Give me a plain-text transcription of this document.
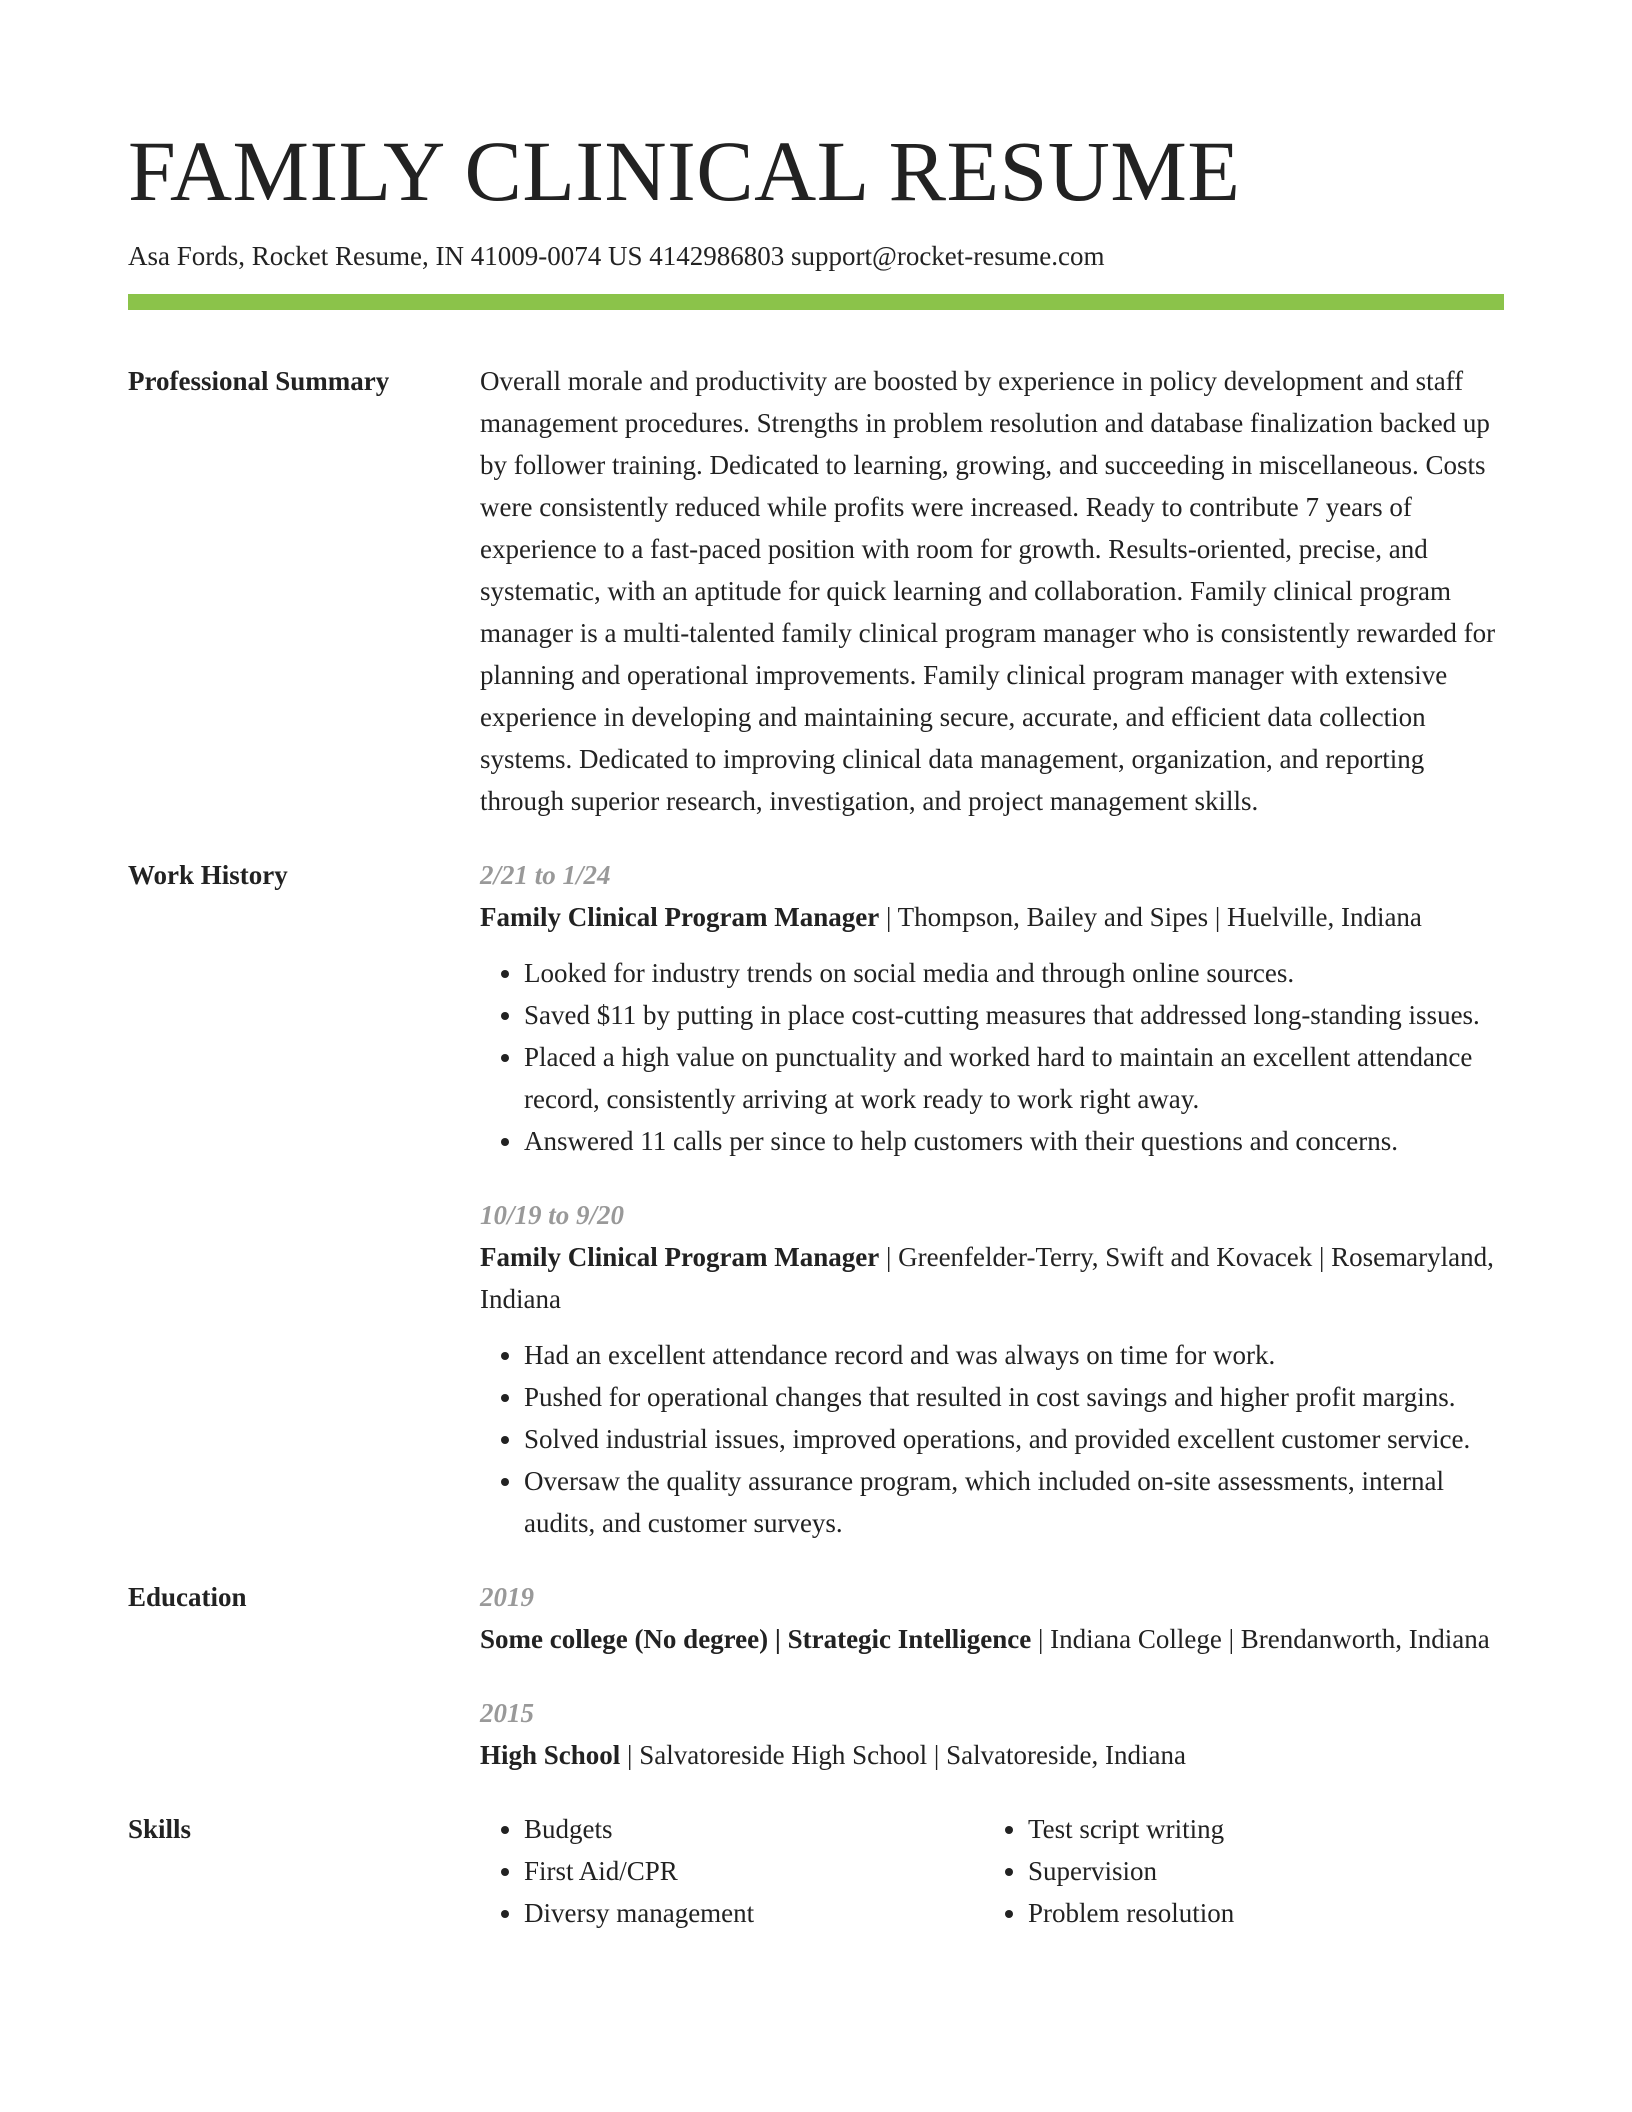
FAMILY CLINICAL RESUME
Asa Fords, Rocket Resume, IN 41009-0074 US 4142986803 support@rocket-resume.com
Professional Summary	Overall morale and productivity are boosted by experience in policy development and staff management procedures. Strengths in problem resolution and database finalization backed up by follower training. Dedicated to learning, growing, and succeeding in miscellaneous. Costs were consistently reduced while profits were increased. Ready to contribute 7 years of experience to a fast-paced position with room for growth. Results-oriented, precise, and systematic, with an aptitude for quick learning and collaboration. Family clinical program manager is a multi-talented family clinical program manager who is consistently rewarded for planning and operational improvements. Family clinical program manager with extensive experience in developing and maintaining secure, accurate, and efficient data collection systems. Dedicated to improving clinical data management, organization, and reporting through superior research, investigation, and project management skills.

Work History	2/21 to 1/24
Family Clinical Program Manager | Thompson, Bailey and Sipes | Huelville, Indiana
• Looked for industry trends on social media and through online sources.
• Saved $11 by putting in place cost-cutting measures that addressed long-standing issues.
• Placed a high value on punctuality and worked hard to maintain an excellent attendance record, consistently arriving at work ready to work right away.
• Answered 11 calls per since to help customers with their questions and concerns.
10/19 to 9/20
Family Clinical Program Manager | Greenfelder-Terry, Swift and Kovacek | Rosemaryland, Indiana
• Had an excellent attendance record and was always on time for work.
• Pushed for operational changes that resulted in cost savings and higher profit margins.
• Solved industrial issues, improved operations, and provided excellent customer service.
• Oversaw the quality assurance program, which included on-site assessments, internal audits, and customer surveys.
Education	2019
Some college (No degree) | Strategic Intelligence | Indiana College | Brendanworth, Indiana
2015
High School | Salvatoreside High School | Salvatoreside, Indiana
Skills
•	Budgets
• First Aid/CPR
• Diversy management
• Test script writing
• Supervision
• Problem resolution
